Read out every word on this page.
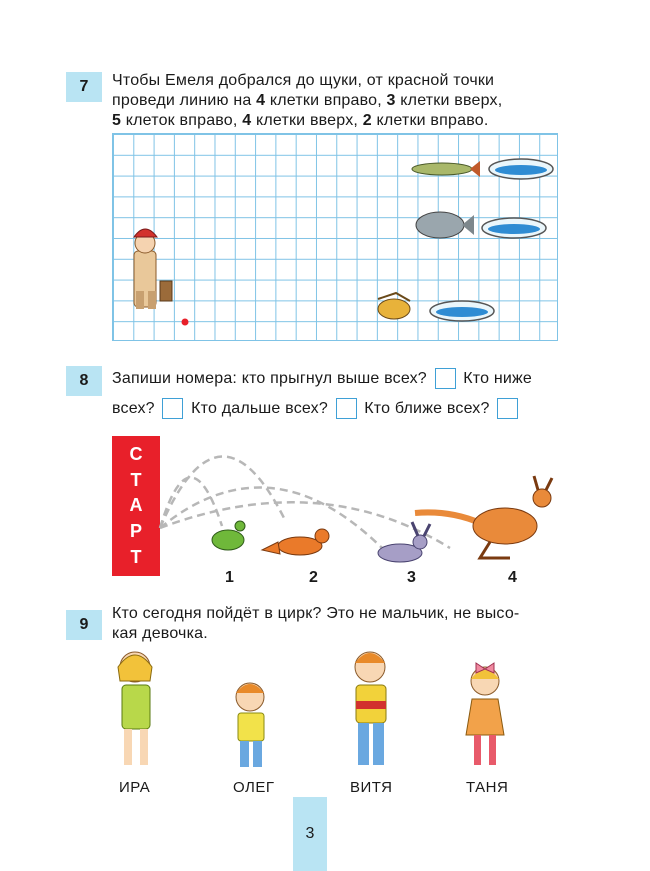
7 Чтобы Емеля добрался до щуки, от красной точки
проведи линию на 4 клетки вправо, 3 клетки вверх,
5 клеток вправо, 4 клетки вверх, 2 клетки вправо.
8 Запиши номера: кто прыгнул выше всех? Кто ниже
всех? Кто дальше всех? Кто ближе всех?
С
Т
А
Р
Т
1	2	3	4
9
Кто сегодня пойдёт в цирк? Это не мальчик, не высо-
кая девочка.
ИРА	ОЛЕГ	ВИТЯ	ТАНЯ
3
